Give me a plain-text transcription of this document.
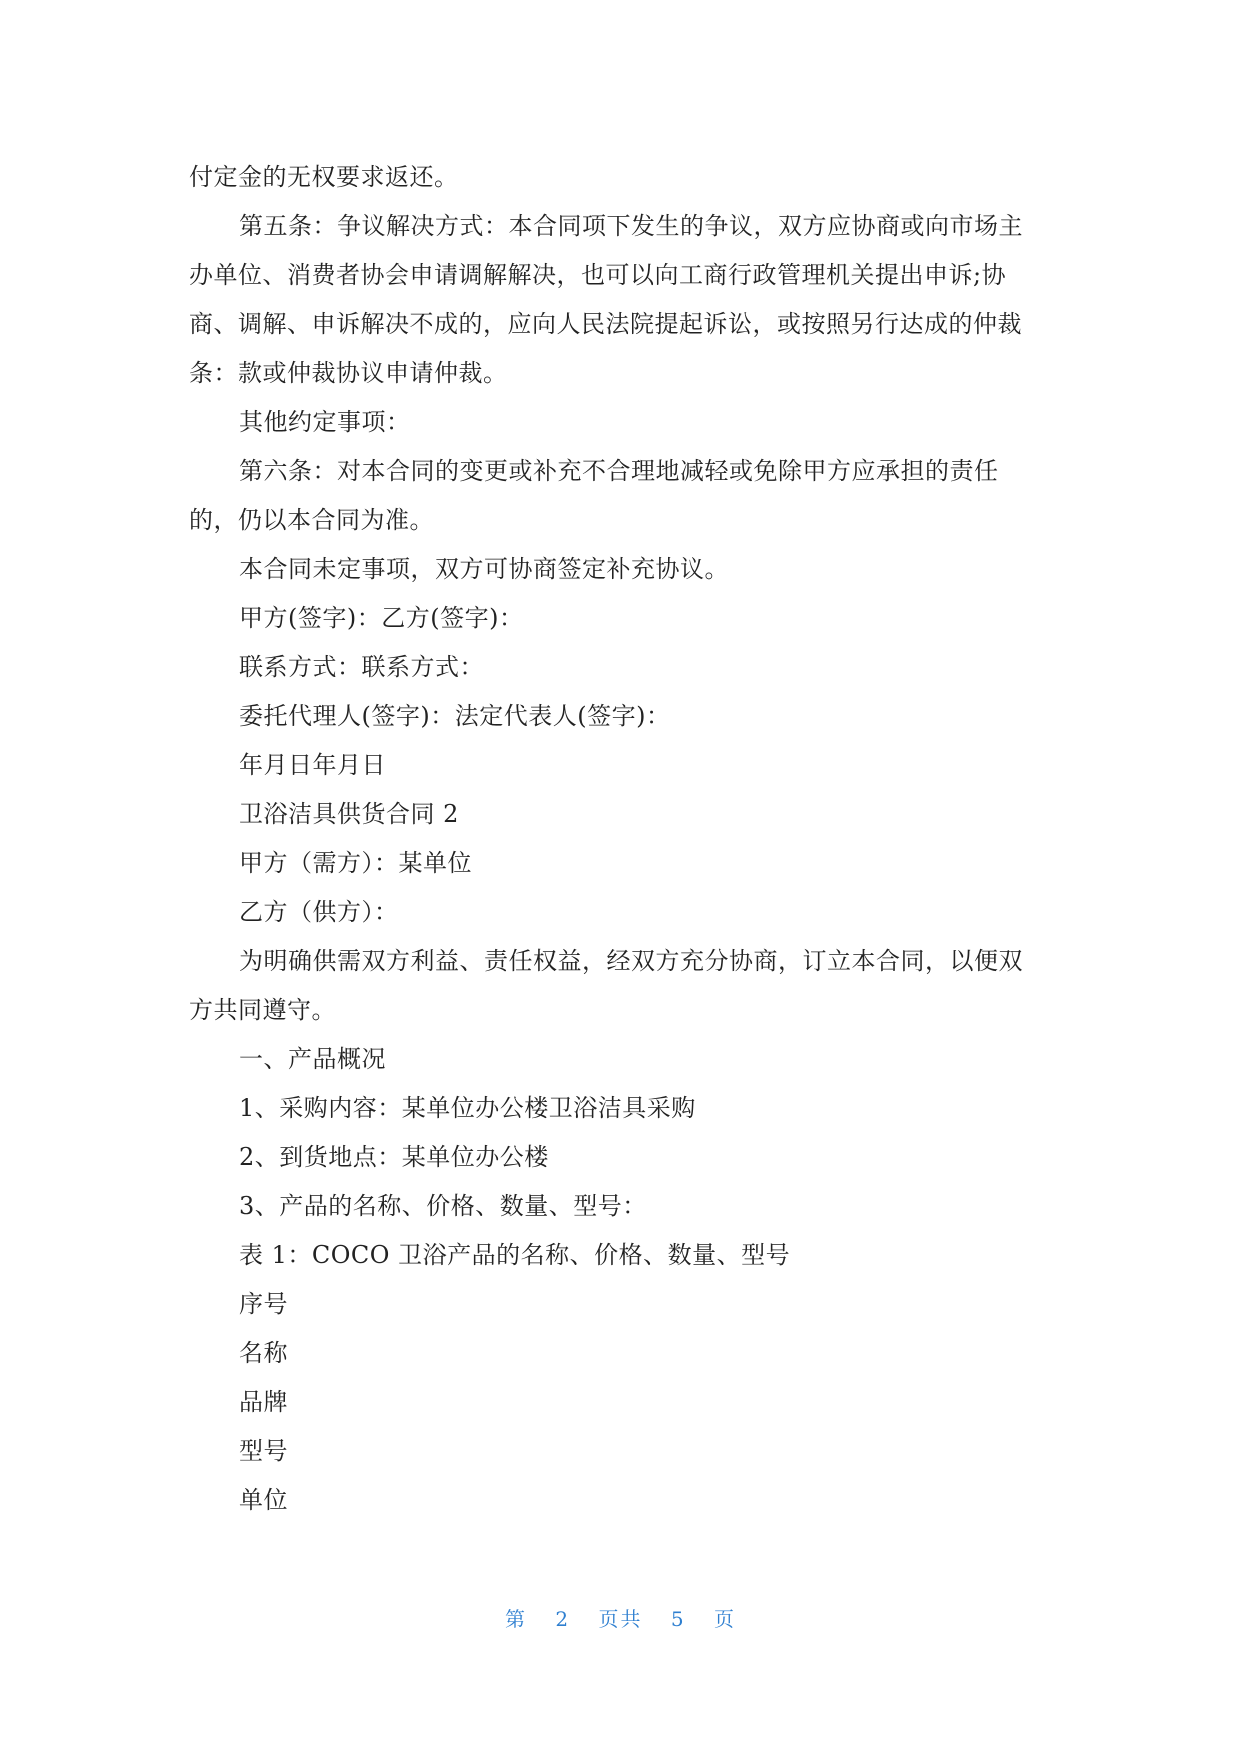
付定金的无权要求返还。
第五条：争议解决方式：本合同项下发生的争议，双方应协商或向市场主
办单位、消费者协会申请调解解决，也可以向工商行政管理机关提出申诉;协
商、调解、申诉解决不成的，应向人民法院提起诉讼，或按照另行达成的仲裁
条：款或仲裁协议申请仲裁。
其他约定事项：
第六条：对本合同的变更或补充不合理地减轻或免除甲方应承担的责任
的，仍以本合同为准。
本合同未定事项，双方可协商签定补充协议。
甲方(签字)：乙方(签字)：
联系方式：联系方式：
委托代理人(签字)：法定代表人(签字)：
年月日年月日
卫浴洁具供货合同 2
甲方（需方）：某单位
乙方（供方）：
为明确供需双方利益、责任权益，经双方充分协商，订立本合同，以便双
方共同遵守。
一、产品概况
1、采购内容：某单位办公楼卫浴洁具采购
2、到货地点：某单位办公楼
3、产品的名称、价格、数量、型号：
表 1：COCO 卫浴产品的名称、价格、数量、型号
序号
名称
品牌
型号
单位
第 2 页共 5 页
